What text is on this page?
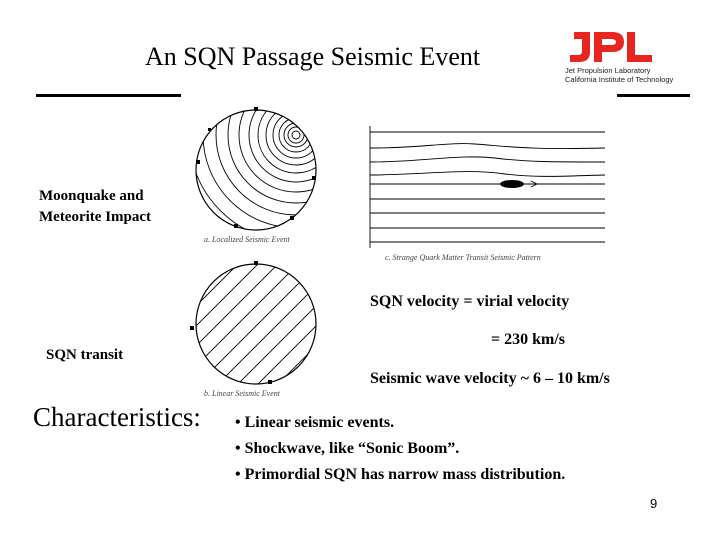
An SQN Passage Seismic Event	Jet Propulsion Laboratory
California Institute of Technology
a. Localized Seismic Event
b. Linear Seismic Event
c. Strange Quark Matter Transit Seismic Pattern
Moonquake and
Meteorite Impact
SQN transit
SQN velocity = virial velocity
= 230 km/s
Seismic wave velocity ~ 6 – 10 km/s
Characteristics: • Linear seismic events.
• Shockwave, like “Sonic Boom”.
• Primordial SQN has narrow mass distribution.
9
